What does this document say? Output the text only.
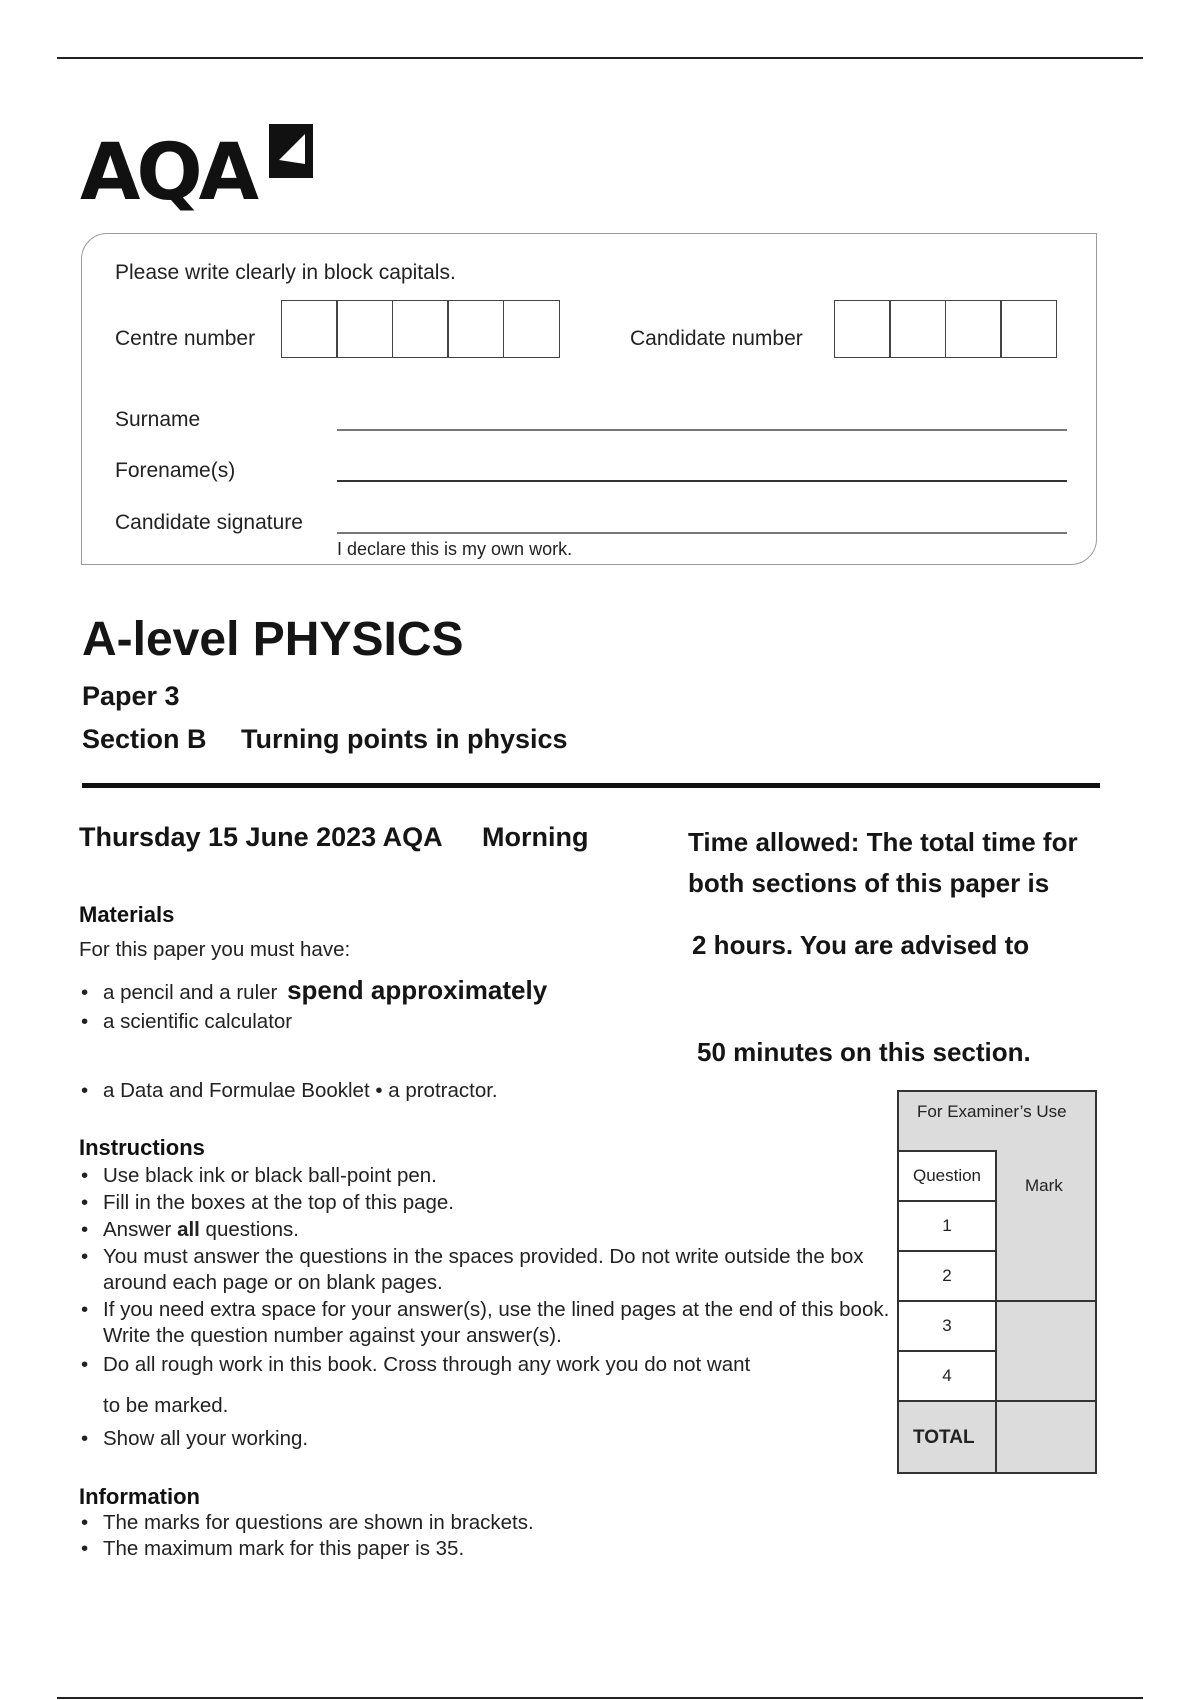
AQA
Please write clearly in block capitals.
Centre number	Candidate number
Surname
Forename(s)
Candidate signature
I declare this is my own work.
A-level PHYSICS
Paper 3
Section B Turning points in physics
Thursday 15 June 2023 AQA Morning	Time allowed: The total time for
both sections of this paper is
2 hours. You are advised to
50 minutes on this section.
Materials
For this paper you must have:
• a pencil and a ruler spend approximately
• a scientific calculator
• a Data and Formulae Booklet • a protractor.
Instructions
• Use black ink or black ball-point pen.
• Fill in the boxes at the top of this page.
• Answer all questions.
• You must answer the questions in the spaces provided. Do not write outside the box around each page or on blank pages.
• If you need extra space for your answer(s), use the lined pages at the end of this book. Write the question number against your answer(s).
• Do all rough work in this book. Cross through any work you do not want
to be marked.
• Show all your working.
Information
• The marks for questions are shown in brackets.
• The maximum mark for this paper is 35.
For Examiner’s Use
Question
Mark
1
2
3
4
TOTAL
